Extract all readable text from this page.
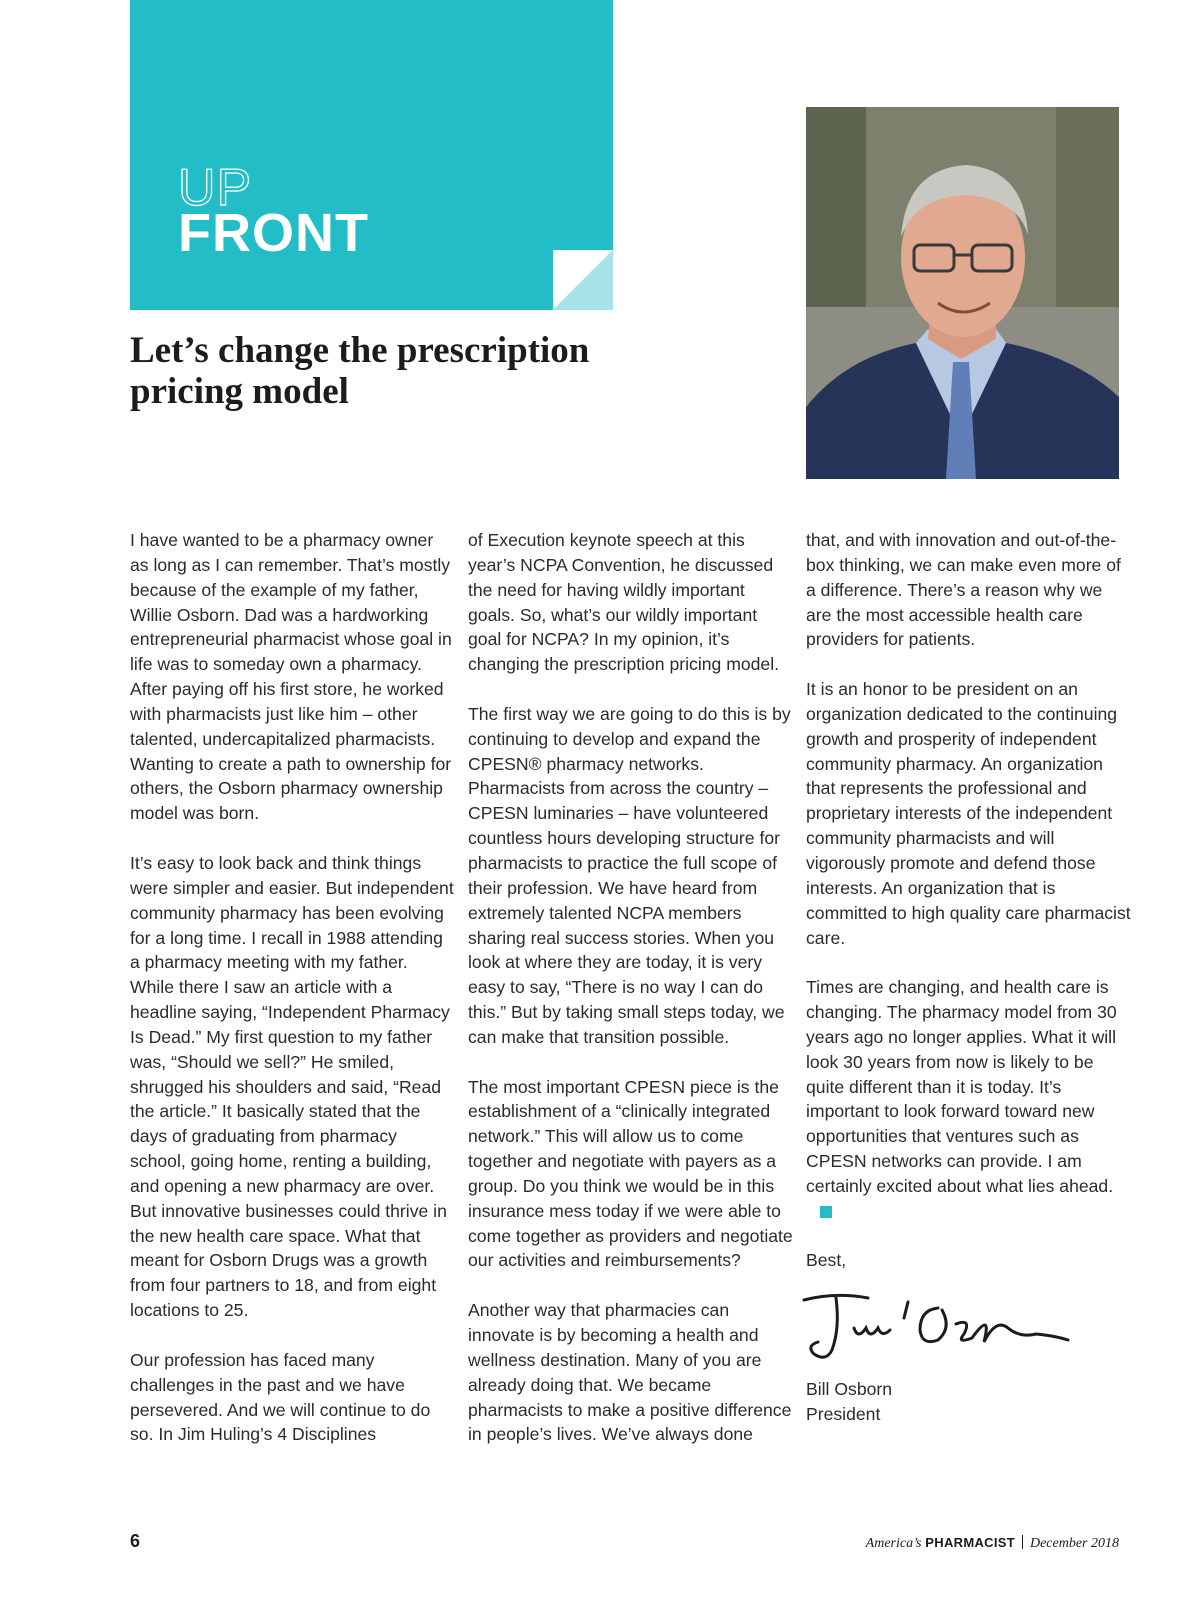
UP
FRONT
Let’s change the prescription pricing model

I have wanted to be a pharmacy owner as long as I can remember. That’s mostly because of the example of my father, Willie Osborn. Dad was a hardworking entrepreneurial pharmacist whose goal in life was to someday own a pharmacy. After paying off his first store, he worked with pharmacists just like him – other talented, undercapitalized pharmacists. Wanting to create a path to ownership for others, the Osborn pharmacy ownership model was born.

It’s easy to look back and think things were simpler and easier. But independent community pharmacy has been evolving for a long time. I recall in 1988 attending a pharmacy meeting with my father. While there I saw an article with a headline saying, “Independent Pharmacy Is Dead.” My first question to my father was, “Should we sell?” He smiled, shrugged his shoulders and said, “Read the article.” It basically stated that the days of graduating from pharmacy school, going home, renting a building, and opening a new pharmacy are over. But innovative businesses could thrive in the new health care space. What that meant for Osborn Drugs was a growth from four partners to 18, and from eight locations to 25.

Our profession has faced many challenges in the past and we have persevered. And we will continue to do so. In Jim Huling’s 4 Disciplines

of Execution keynote speech at this year’s NCPA Convention, he discussed the need for having wildly important goals. So, what’s our wildly important goal for NCPA? In my opinion, it’s changing the prescription pricing model.

The first way we are going to do this is by continuing to develop and expand the CPESN® pharmacy networks. Pharmacists from across the country – CPESN luminaries – have volunteered countless hours developing structure for pharmacists to practice the full scope of their profession. We have heard from extremely talented NCPA members sharing real success stories. When you look at where they are today, it is very easy to say, “There is no way I can do this.” But by taking small steps today, we can make that transition possible.

The most important CPESN piece is the establishment of a “clinically integrated network.” This will allow us to come together and negotiate with payers as a group. Do you think we would be in this insurance mess today if we were able to come together as providers and negotiate our activities and reimbursements?

Another way that pharmacies can innovate is by becoming a health and wellness destination. Many of you are already doing that. We became pharmacists to make a positive difference in people’s lives. We’ve always done

that, and with innovation and out-of-the-box thinking, we can make even more of a difference. There’s a reason why we are the most accessible health care providers for patients.

It is an honor to be president on an organization dedicated to the continuing growth and prosperity of independent community pharmacy. An organization that represents the professional and proprietary interests of the independent community pharmacists and will vigorously promote and defend those interests. An organization that is committed to high quality care pharmacist care.

Times are changing, and health care is changing. The pharmacy model from 30 years ago no longer applies. What it will look 30 years from now is likely to be quite different than it is today. It’s important to look forward toward new opportunities that ventures such as CPESN networks can provide. I am certainly excited about what lies ahead.

Best,

Bill Osborn
President
6	America’s PHARMACIST December 2018
